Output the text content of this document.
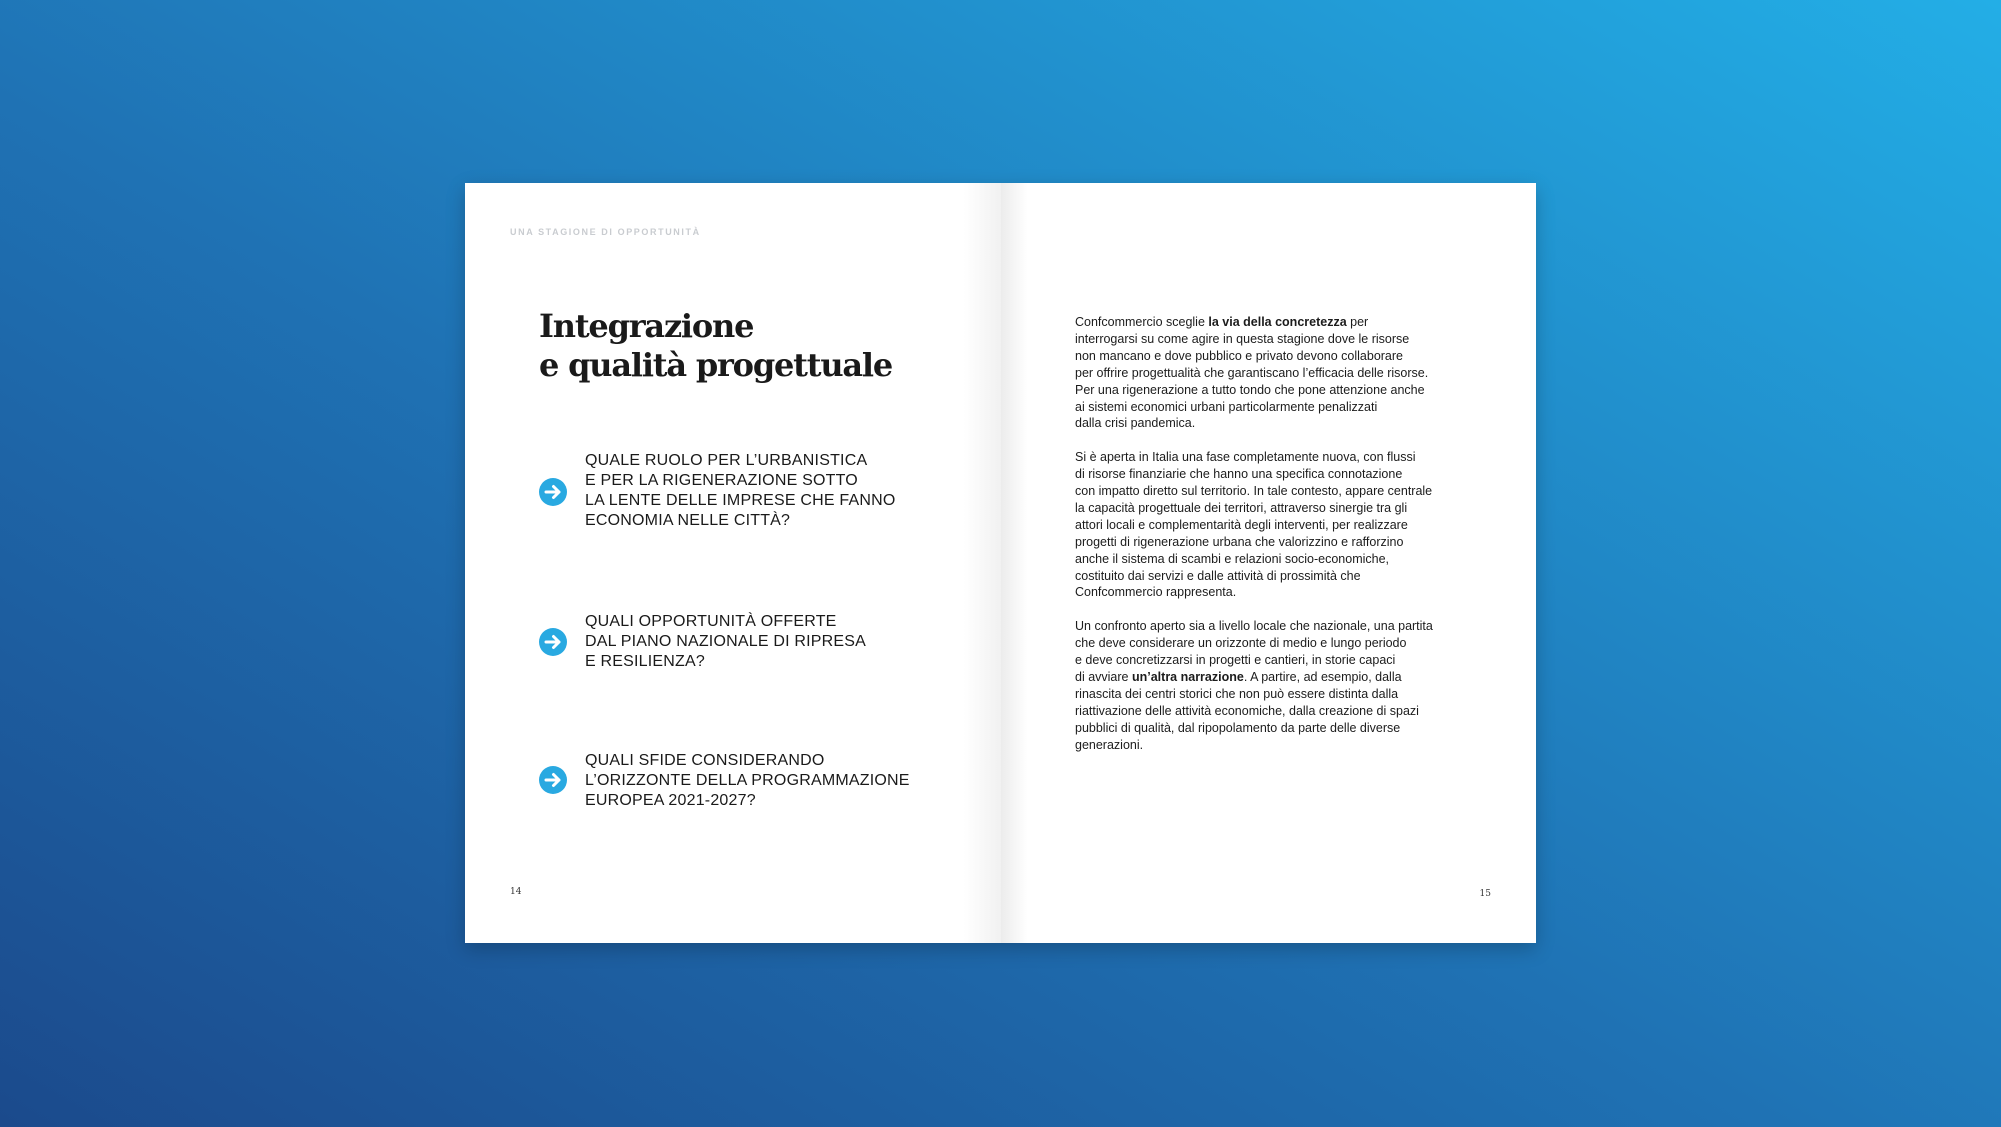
UNA STAGIONE DI OPPORTUNITÀ
Integrazione
e qualità progettuale
QUALE RUOLO PER L’URBANISTICA
E PER LA RIGENERAZIONE SOTTO
LA LENTE DELLE IMPRESE CHE FANNO
ECONOMIA NELLE CITTÀ?
QUALI OPPORTUNITÀ OFFERTE
DAL PIANO NAZIONALE DI RIPRESA
E RESILIENZA?
QUALI SFIDE CONSIDERANDO
L’ORIZZONTE DELLA PROGRAMMAZIONE
EUROPEA 2021-2027?
14

Confcommercio sceglie la via della concretezza per
interrogarsi su come agire in questa stagione dove le risorse
non mancano e dove pubblico e privato devono collaborare
per offrire progettualità che garantiscano l’efficacia delle risorse.
Per una rigenerazione a tutto tondo che pone attenzione anche
ai sistemi economici urbani particolarmente penalizzati
dalla crisi pandemica.

Si è aperta in Italia una fase completamente nuova, con flussi
di risorse finanziarie che hanno una specifica connotazione
con impatto diretto sul territorio. In tale contesto, appare centrale
la capacità progettuale dei territori, attraverso sinergie tra gli
attori locali e complementarità degli interventi, per realizzare
progetti di rigenerazione urbana che valorizzino e rafforzino
anche il sistema di scambi e relazioni socio-economiche,
costituito dai servizi e dalle attività di prossimità che
Confcommercio rappresenta.

Un confronto aperto sia a livello locale che nazionale, una partita
che deve considerare un orizzonte di medio e lungo periodo
e deve concretizzarsi in progetti e cantieri, in storie capaci
di avviare un’altra narrazione. A partire, ad esempio, dalla
rinascita dei centri storici che non può essere distinta dalla
riattivazione delle attività economiche, dalla creazione di spazi
pubblici di qualità, dal ripopolamento da parte delle diverse
generazioni.

15
